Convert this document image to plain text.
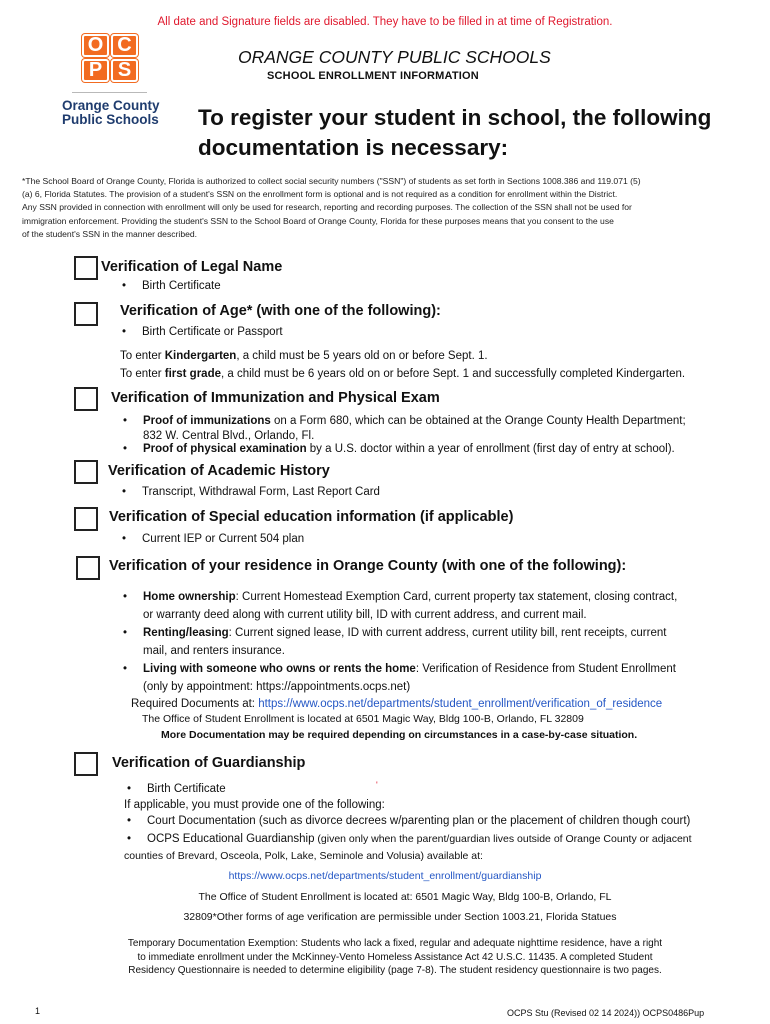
All date and Signature fields are disabled. They have to be filled in at time of Registration.
O C
P S
Orange County
Public Schools
ORANGE COUNTY PUBLIC SCHOOLS
SCHOOL ENROLLMENT INFORMATION
To register your student in school, the following documentation is necessary:
*The School Board of Orange County, Florida is authorized to collect social security numbers ("SSN") of students as set forth in Sections 1008.386 and 119.071 (5)
(a) 6, Florida Statutes. The provision of a student's SSN on the enrollment form is optional and is not required as a condition for enrollment within the District.
Any SSN provided in connection with enrollment will only be used for research, reporting and recording purposes. The collection of the SSN shall not be used for
immigration enforcement. Providing the student's SSN to the School Board of Orange County, Florida for these purposes means that you consent to the use
of the student's SSN in the manner described.
Verification of Legal Name
• Birth Certificate
Verification of Age* (with one of the following):
• Birth Certificate or Passport
To enter Kindergarten, a child must be 5 years old on or before Sept. 1.
To enter first grade, a child must be 6 years old on or before Sept. 1 and successfully completed Kindergarten.
Verification of Immunization and Physical Exam
• Proof of immunizations on a Form 680, which can be obtained at the Orange County Health Department;
832 W. Central Blvd., Orlando, Fl.
• Proof of physical examination by a U.S. doctor within a year of enrollment (first day of entry at school).
Verification of Academic History
• Transcript, Withdrawal Form, Last Report Card
Verification of Special education information (if applicable)
• Current IEP or Current 504 plan
Verification of your residence in Orange County (with one of the following):
• Home ownership: Current Homestead Exemption Card, current property tax statement, closing contract,
or warranty deed along with current utility bill, ID with current address, and current mail.
• Renting/leasing: Current signed lease, ID with current address, current utility bill, rent receipts, current
mail, and renters insurance.
• Living with someone who owns or rents the home: Verification of Residence from Student Enrollment
(only by appointment: https://appointments.ocps.net)
Required Documents at: https://www.ocps.net/departments/student_enrollment/verification_of_residence
The Office of Student Enrollment is located at 6501 Magic Way, Bldg 100-B, Orlando, FL 32809
More Documentation may be required depending on circumstances in a case-by-case situation.
Verification of Guardianship
• Birth Certificate	'
If applicable, you must provide one of the following:
• Court Documentation (such as divorce decrees w/parenting plan or the placement of children though court)
• OCPS Educational Guardianship (given only when the parent/guardian lives outside of Orange County or adjacent
counties of Brevard, Osceola, Polk, Lake, Seminole and Volusia) available at:
https://www.ocps.net/departments/student_enrollment/guardianship
The Office of Student Enrollment is located at: 6501 Magic Way, Bldg 100-B, Orlando, FL
32809*Other forms of age verification are permissible under Section 1003.21, Florida Statues
Temporary Documentation Exemption: Students who lack a fixed, regular and adequate nighttime residence, have a right
to immediate enrollment under the McKinney-Vento Homeless Assistance Act 42 U.S.C. 11435. A completed Student
Residency Questionnaire is needed to determine eligibility (page 7-8). The student residency questionnaire is two pages.
1	OCPS Stu (Revised 02 14 2024)) OCPS0486Pup
